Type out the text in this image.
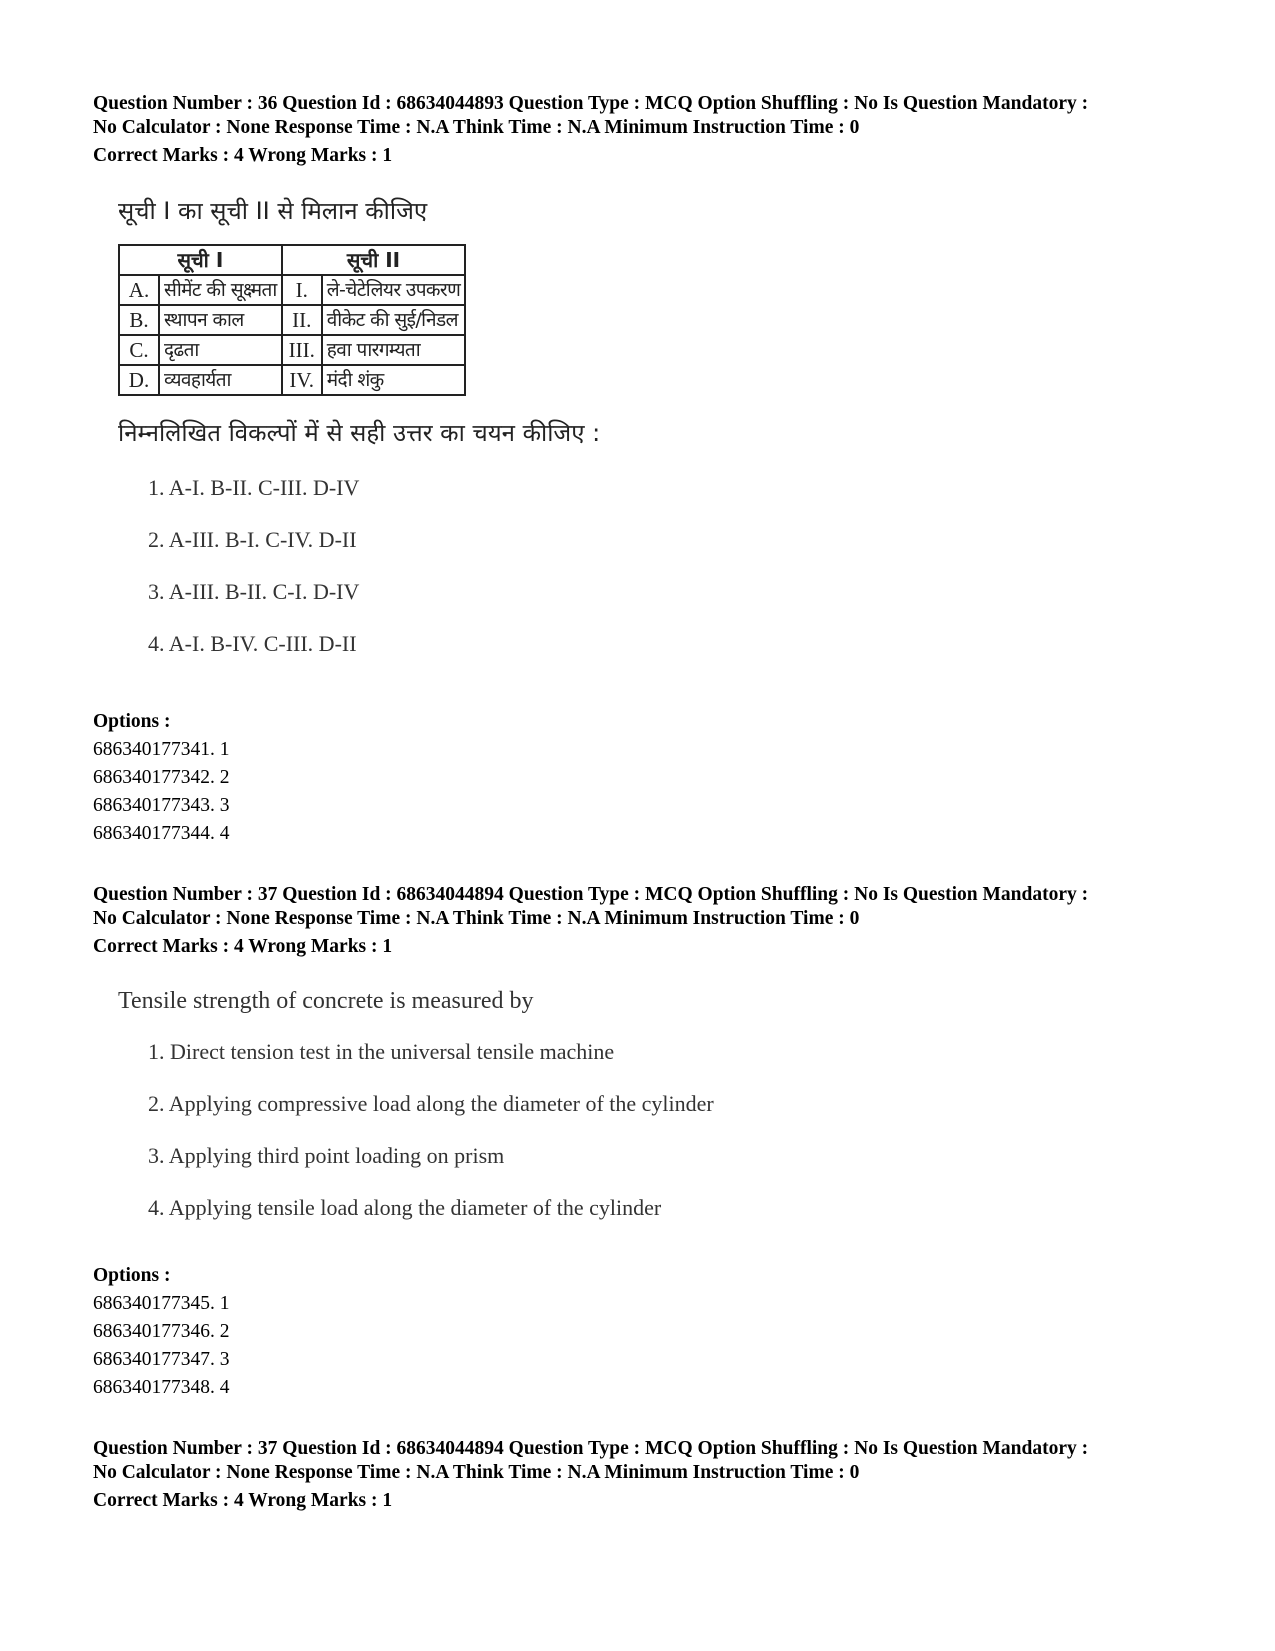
Question Number : 36 Question Id : 68634044893 Question Type : MCQ Option Shuffling : No Is Question Mandatory :
No Calculator : None Response Time : N.A Think Time : N.A Minimum Instruction Time : 0
Correct Marks : 4 Wrong Marks : 1
सूची I का सूची II से मिलान कीजिए
सूची I		सूची II	
A.	सीमेंट की सूक्ष्मता	I.	ले-चेटेलियर उपकरण
B.	स्थापन काल	II.	वीकेट की सुई/निडल
C.	दृढता	III.	हवा पारगम्यता
D.	व्यवहार्यता	IV.	मंदी शंकु
निम्नलिखित विकल्पों में से सही उत्तर का चयन कीजिए :
1. A-I. B-II. C-III. D-IV
2. A-III. B-I. C-IV. D-II
3. A-III. B-II. C-I. D-IV
4. A-I. B-IV. C-III. D-II
Options :
686340177341. 1
686340177342. 2
686340177343. 3
686340177344. 4
Question Number : 37 Question Id : 68634044894 Question Type : MCQ Option Shuffling : No Is Question Mandatory :
No Calculator : None Response Time : N.A Think Time : N.A Minimum Instruction Time : 0
Correct Marks : 4 Wrong Marks : 1
Tensile strength of concrete is measured by
1. Direct tension test in the universal tensile machine
2. Applying compressive load along the diameter of the cylinder
3. Applying third point loading on prism
4. Applying tensile load along the diameter of the cylinder
Options :
686340177345. 1
686340177346. 2
686340177347. 3
686340177348. 4
Question Number : 37 Question Id : 68634044894 Question Type : MCQ Option Shuffling : No Is Question Mandatory :
No Calculator : None Response Time : N.A Think Time : N.A Minimum Instruction Time : 0
Correct Marks : 4 Wrong Marks : 1
